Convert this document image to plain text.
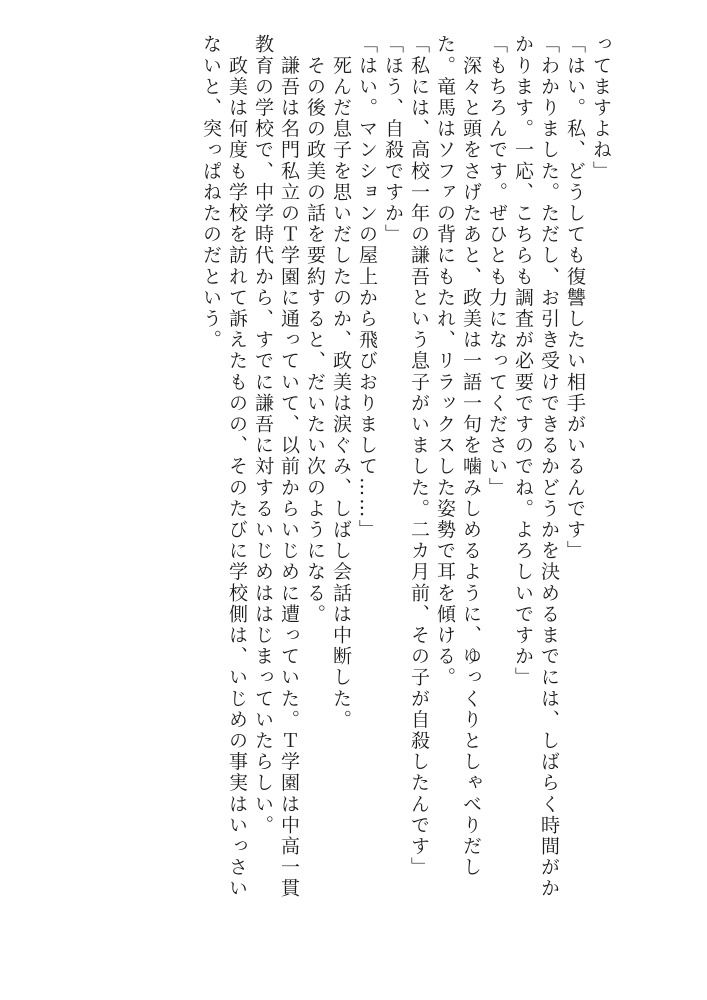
ってますよね」
「はい。私、どうしても復讐したい相手がいるんです」
「わかりました。ただし、お引き受けできるかどうかを決めるまでには、しばらく時間がか
かります。一応、こちらも調査が必要ですのでね。よろしいですか」
「もちろんです。ぜひとも力になってください」
　深々と頭をさげたあと、政美は一語一句を噛みしめるように、ゆっくりとしゃべりだし
た。竜馬はソファの背にもたれ、リラックスした姿勢で耳を傾ける。
「私には、高校一年の謙吾という息子がいました。二カ月前、その子が自殺したんです」
「ほう、自殺ですか」
「はい。マンションの屋上から飛びおりまして……」
　死んだ息子を思いだしたのか、政美は涙ぐみ、しばし会話は中断した。
　その後の政美の話を要約すると、だいたい次のようになる。
　謙吾は名門私立のＴ学園に通っていて、以前からいじめに遭っていた。Ｔ学園は中高一貫
教育の学校で、中学時代から、すでに謙吾に対するいじめははじまっていたらしい。
　政美は何度も学校を訪れて訴えたものの、そのたびに学校側は、いじめの事実はいっさい
ないと、突っぱねたのだという。
